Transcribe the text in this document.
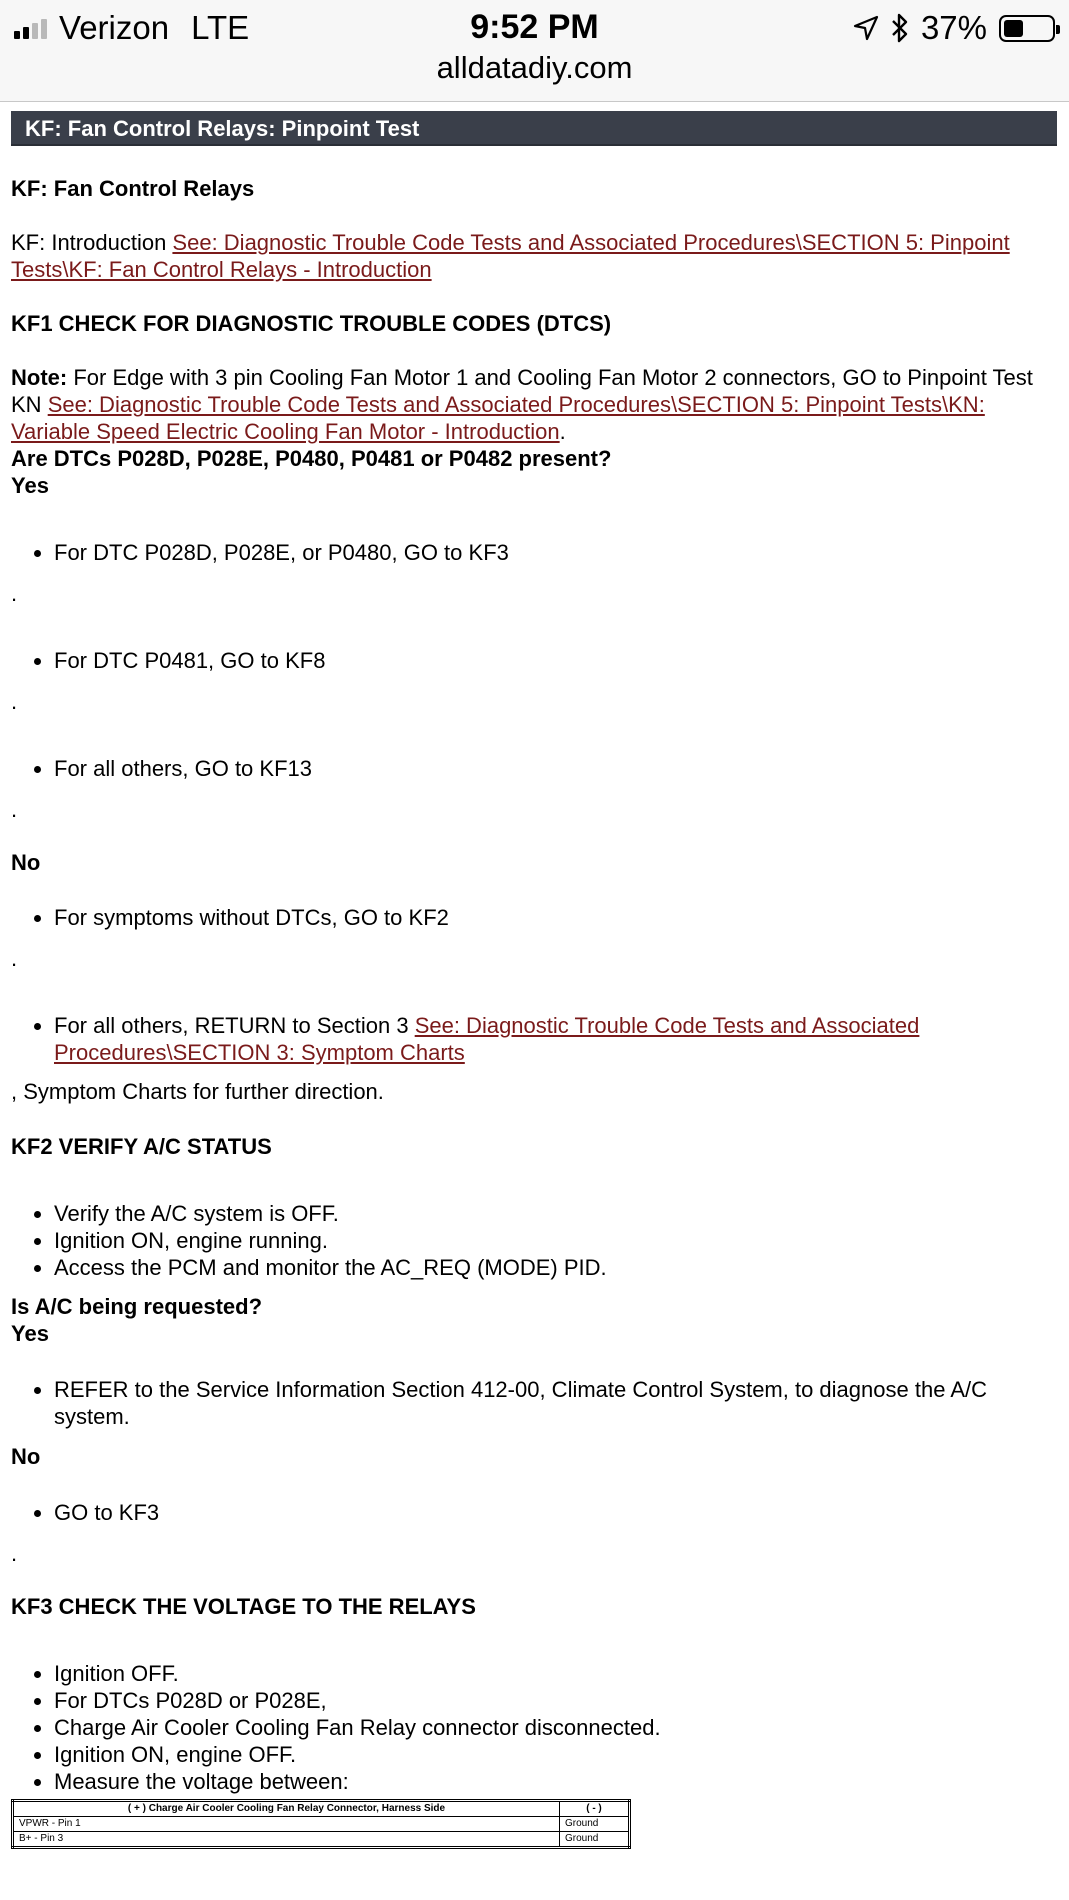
Verizon LTE	9:52 PM
alldatadiy.com
37%
KF: Fan Control Relays: Pinpoint Test

KF: Fan Control Relays

KF: Introduction See: Diagnostic Trouble Code Tests and Associated Procedures\SECTION 5: Pinpoint Tests\KF: Fan Control Relays - Introduction

KF1 CHECK FOR DIAGNOSTIC TROUBLE CODES (DTCS)

Note: For Edge with 3 pin Cooling Fan Motor 1 and Cooling Fan Motor 2 connectors, GO to Pinpoint Test KN See: Diagnostic Trouble Code Tests and Associated Procedures\SECTION 5: Pinpoint Tests\KN: Variable Speed Electric Cooling Fan Motor - Introduction.

Are DTCs P028D, P028E, P0480, P0481 or P0482 present?

Yes

• For DTC P028D, P028E, or P0480, GO to KF3

.

• For DTC P0481, GO to KF8

.

• For all others, GO to KF13

.

No

• For symptoms without DTCs, GO to KF2

.

• For all others, RETURN to Section 3 See: Diagnostic Trouble Code Tests and Associated Procedures\SECTION 3: Symptom Charts

, Symptom Charts for further direction.

KF2 VERIFY A/C STATUS

• Verify the A/C system is OFF.
• Ignition ON, engine running.
• Access the PCM and monitor the AC_REQ (MODE) PID.

Is A/C being requested?

Yes

• REFER to the Service Information Section 412-00, Climate Control System, to diagnose the A/C system.

No

• GO to KF3

.

KF3 CHECK THE VOLTAGE TO THE RELAYS

• Ignition OFF.
• For DTCs P028D or P028E,
• Charge Air Cooler Cooling Fan Relay connector disconnected.
• Ignition ON, engine OFF.
• Measure the voltage between:
( + ) Charge Air Cooler Cooling Fan Relay Connector, Harness Side	( - )
VPWR - Pin 1	Ground
B+ - Pin 3	Ground
